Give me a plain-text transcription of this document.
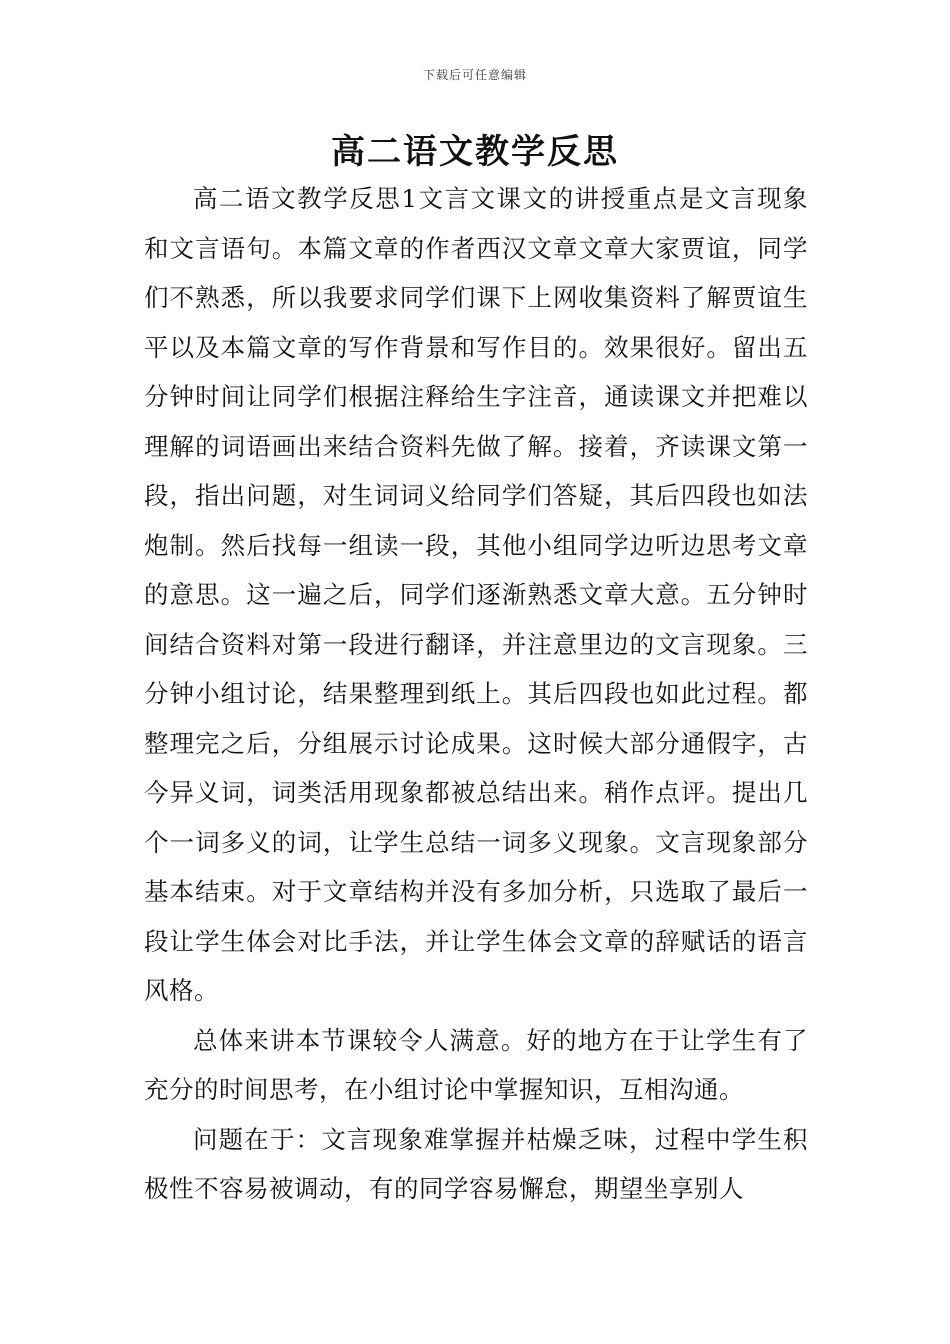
下载后可任意编辑
高二语文教学反思

高二语文教学反思1文言文课文的讲授重点是文言现象和文言语句。本篇文章的作者西汉文章文章大家贾谊，同学们不熟悉，所以我要求同学们课下上网收集资料了解贾谊生平以及本篇文章的写作背景和写作目的。效果很好。留出五分钟时间让同学们根据注释给生字注音，通读课文并把难以理解的词语画出来结合资料先做了解。接着，齐读课文第一段，指出问题，对生词词义给同学们答疑，其后四段也如法炮制。然后找每一组读一段，其他小组同学边听边思考文章的意思。这一遍之后，同学们逐渐熟悉文章大意。五分钟时间结合资料对第一段进行翻译，并注意里边的文言现象。三分钟小组讨论，结果整理到纸上。其后四段也如此过程。都整理完之后，分组展示讨论成果。这时候大部分通假字，古今异义词，词类活用现象都被总结出来。稍作点评。提出几个一词多义的词，让学生总结一词多义现象。文言现象部分基本结束。对于文章结构并没有多加分析，只选取了最后一段让学生体会对比手法，并让学生体会文章的辞赋话的语言风格。

总体来讲本节课较令人满意。好的地方在于让学生有了充分的时间思考，在小组讨论中掌握知识，互相沟通。

问题在于：文言现象难掌握并枯燥乏味，过程中学生积极性不容易被调动，有的同学容易懈怠，期望坐享别人
